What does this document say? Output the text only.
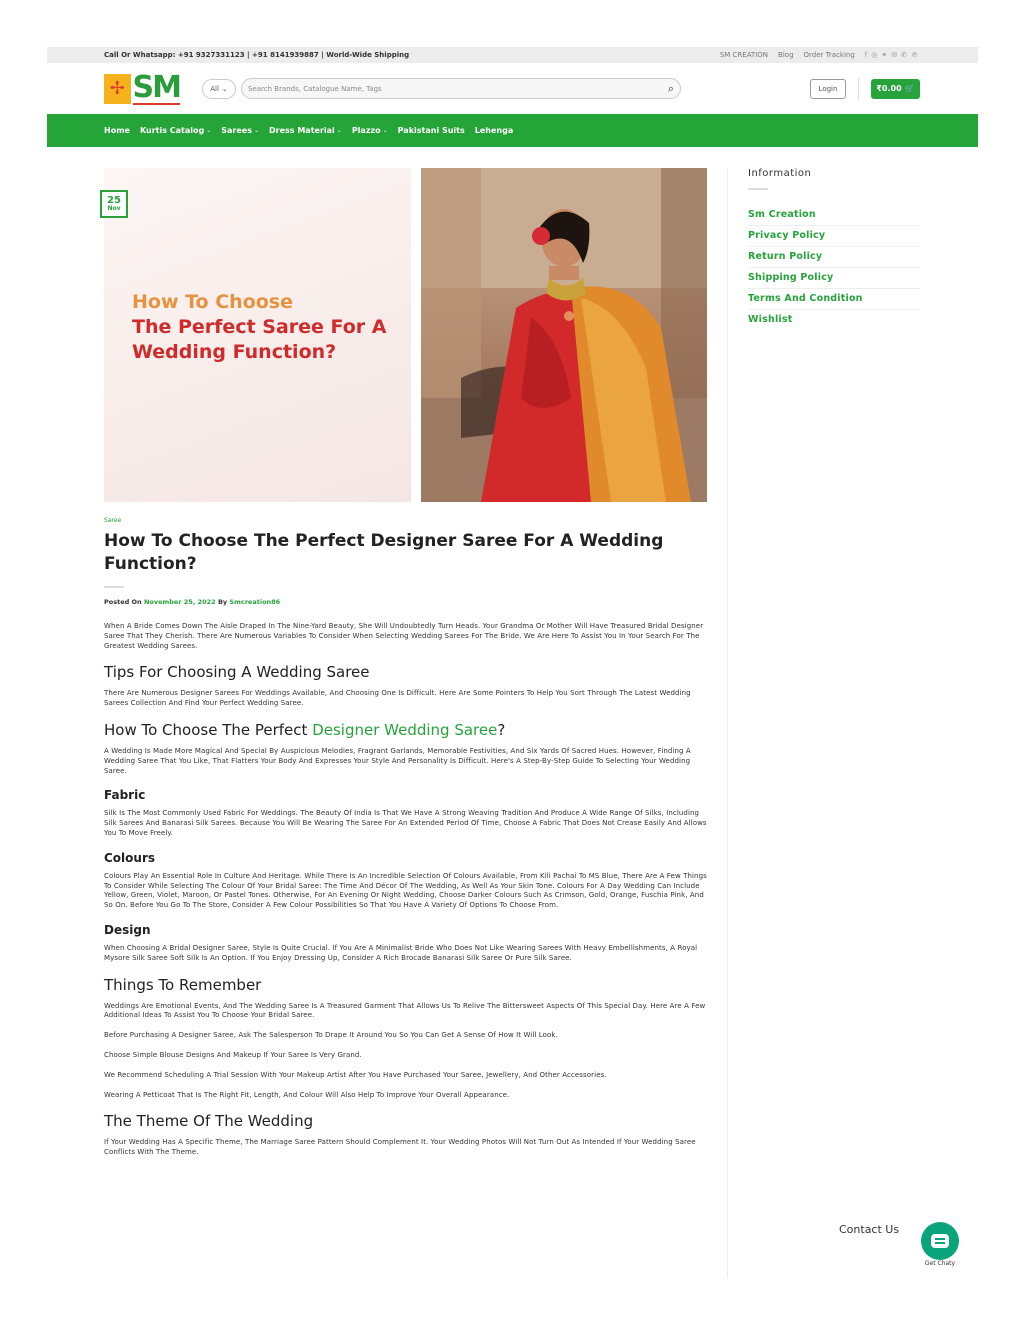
Call Or Whatsapp: +91 9327331123 | +91 8141939887 | World-Wide Shipping	SM CREATION Blog Order Tracking f ◎ ✦ ✉ ✆ ℗
✢ SM	All ⌄	Search Brands, Catalogue Name, Tags	⌕	Login	₹0.00 🛒
Home Kurtis Catalog ⌄ Sarees ⌄ Dress Material ⌄ Plazzo ⌄ Pakistani Suits Lehenga
25
Nov
How To Choose
The Perfect Saree For A
Wedding Function?
Saree
How To Choose The Perfect Designer Saree For A Wedding Function?
Posted On November 25, 2022 By Smcreation86

When A Bride Comes Down The Aisle Draped In The Nine-Yard Beauty, She Will Undoubtedly Turn Heads. Your Grandma Or Mother Will Have Treasured Bridal Designer Saree That They Cherish. There Are Numerous Variables To Consider When Selecting Wedding Sarees For The Bride. We Are Here To Assist You In Your Search For The Greatest Wedding Sarees.

Tips For Choosing A Wedding Saree

There Are Numerous Designer Sarees For Weddings Available, And Choosing One Is Difficult. Here Are Some Pointers To Help You Sort Through The Latest Wedding Sarees Collection And Find Your Perfect Wedding Saree.

How To Choose The Perfect Designer Wedding Saree?

A Wedding Is Made More Magical And Special By Auspicious Melodies, Fragrant Garlands, Memorable Festivities, And Six Yards Of Sacred Hues. However, Finding A Wedding Saree That You Like, That Flatters Your Body And Expresses Your Style And Personality Is Difficult. Here's A Step-By-Step Guide To Selecting Your Wedding Saree.

Fabric

Silk Is The Most Commonly Used Fabric For Weddings. The Beauty Of India Is That We Have A Strong Weaving Tradition And Produce A Wide Range Of Silks, Including Silk Sarees And Banarasi Silk Sarees. Because You Will Be Wearing The Saree For An Extended Period Of Time, Choose A Fabric That Does Not Crease Easily And Allows You To Move Freely.

Colours

Colours Play An Essential Role In Culture And Heritage. While There Is An Incredible Selection Of Colours Available, From Kili Pachai To MS Blue, There Are A Few Things To Consider While Selecting The Colour Of Your Bridal Saree: The Time And Décor Of The Wedding, As Well As Your Skin Tone. Colours For A Day Wedding Can Include Yellow, Green, Violet, Maroon, Or Pastel Tones. Otherwise, For An Evening Or Night Wedding, Choose Darker Colours Such As Crimson, Gold, Orange, Fuschia Pink, And So On. Before You Go To The Store, Consider A Few Colour Possibilities So That You Have A Variety Of Options To Choose From.

Design

When Choosing A Bridal Designer Saree, Style Is Quite Crucial. If You Are A Minimalist Bride Who Does Not Like Wearing Sarees With Heavy Embellishments, A Royal Mysore Silk Saree Soft Silk Is An Option. If You Enjoy Dressing Up, Consider A Rich Brocade Banarasi Silk Saree Or Pure Silk Saree.

Things To Remember

Weddings Are Emotional Events, And The Wedding Saree Is A Treasured Garment That Allows Us To Relive The Bittersweet Aspects Of This Special Day. Here Are A Few Additional Ideas To Assist You To Choose Your Bridal Saree.

Before Purchasing A Designer Saree, Ask The Salesperson To Drape It Around You So You Can Get A Sense Of How It Will Look.

Choose Simple Blouse Designs And Makeup If Your Saree Is Very Grand.

We Recommend Scheduling A Trial Session With Your Makeup Artist After You Have Purchased Your Saree, Jewellery, And Other Accessories.

Wearing A Petticoat That Is The Right Fit, Length, And Colour Will Also Help To Improve Your Overall Appearance.

The Theme Of The Wedding

If Your Wedding Has A Specific Theme, The Marriage Saree Pattern Should Complement It. Your Wedding Photos Will Not Turn Out As Intended If Your Wedding Saree Conflicts With The Theme.

Information
Sm Creation
Privacy Policy
Return Policy
Shipping Policy
Terms And Condition
Wishlist
Contact Us
Get Chaty
